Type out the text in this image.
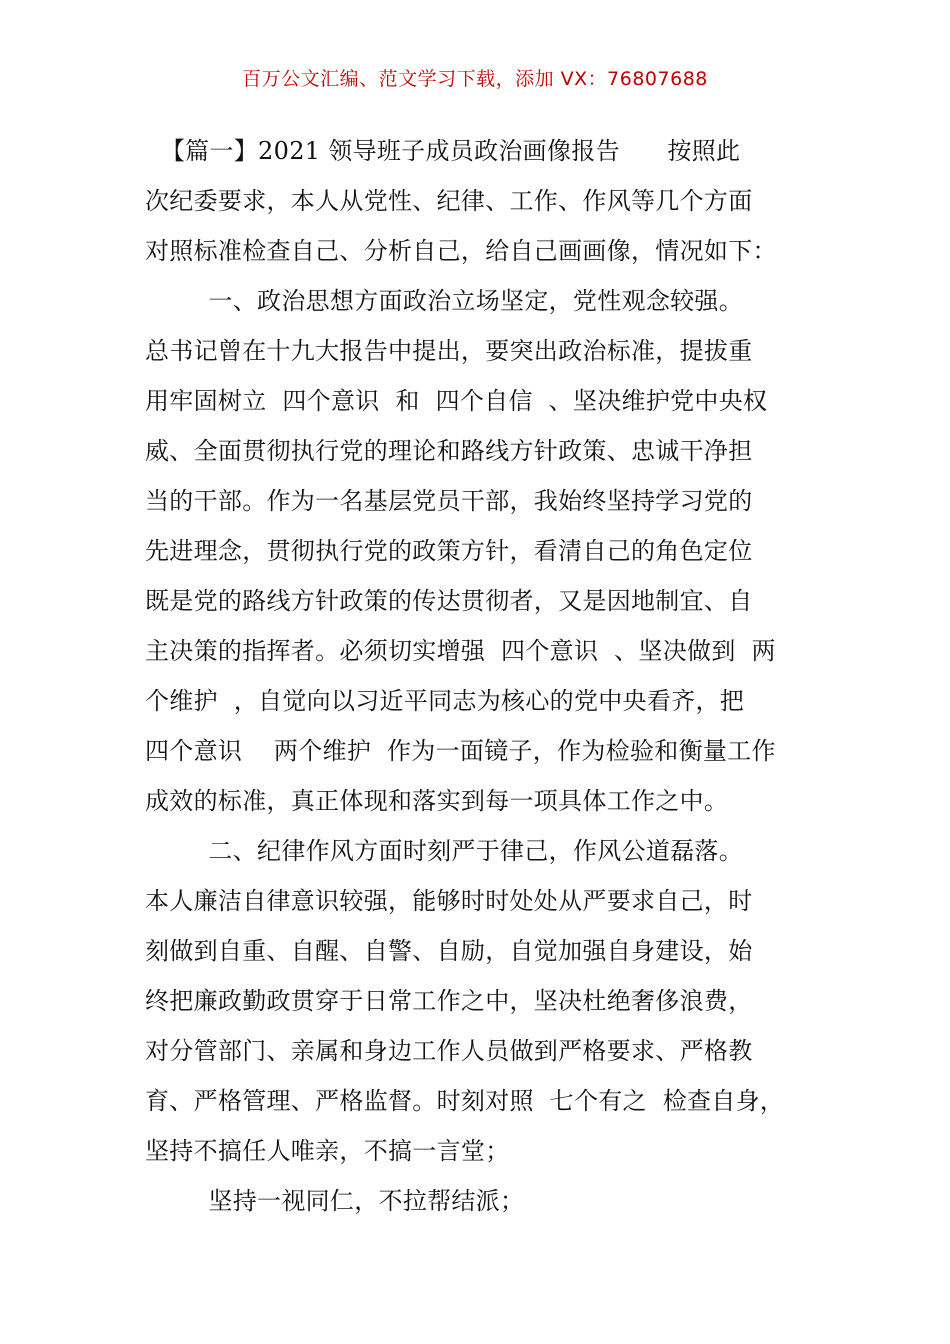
百万公文汇编、范文学习下载，添加 VX：76807688
【篇一】2021 领导班子成员政治画像报告      按照此
次纪委要求，本人从党性、纪律、工作、作风等几个方面
对照标准检查自己、分析自己，给自己画画像，情况如下：
一、政治思想方面政治立场坚定，党性观念较强。
总书记曾在十九大报告中提出，要突出政治标准，提拔重
用牢固树立  四个意识  和  四个自信  、坚决维护党中央权
威、全面贯彻执行党的理论和路线方针政策、忠诚干净担
当的干部。作为一名基层党员干部，我始终坚持学习党的
先进理念，贯彻执行党的政策方针，看清自己的角色定位
既是党的路线方针政策的传达贯彻者，又是因地制宜、自
主决策的指挥者。必须切实增强  四个意识  、坚决做到  两
个维护  ，自觉向以习近平同志为核心的党中央看齐，把
四个意识    两个维护  作为一面镜子，作为检验和衡量工作
成效的标准，真正体现和落实到每一项具体工作之中。
二、纪律作风方面时刻严于律己，作风公道磊落。
本人廉洁自律意识较强，能够时时处处从严要求自己，时
刻做到自重、自醒、自警、自励，自觉加强自身建设，始
终把廉政勤政贯穿于日常工作之中，坚决杜绝奢侈浪费，
对分管部门、亲属和身边工作人员做到严格要求、严格教
育、严格管理、严格监督。时刻对照  七个有之  检查自身，
坚持不搞任人唯亲，不搞一言堂；
坚持一视同仁，不拉帮结派；
